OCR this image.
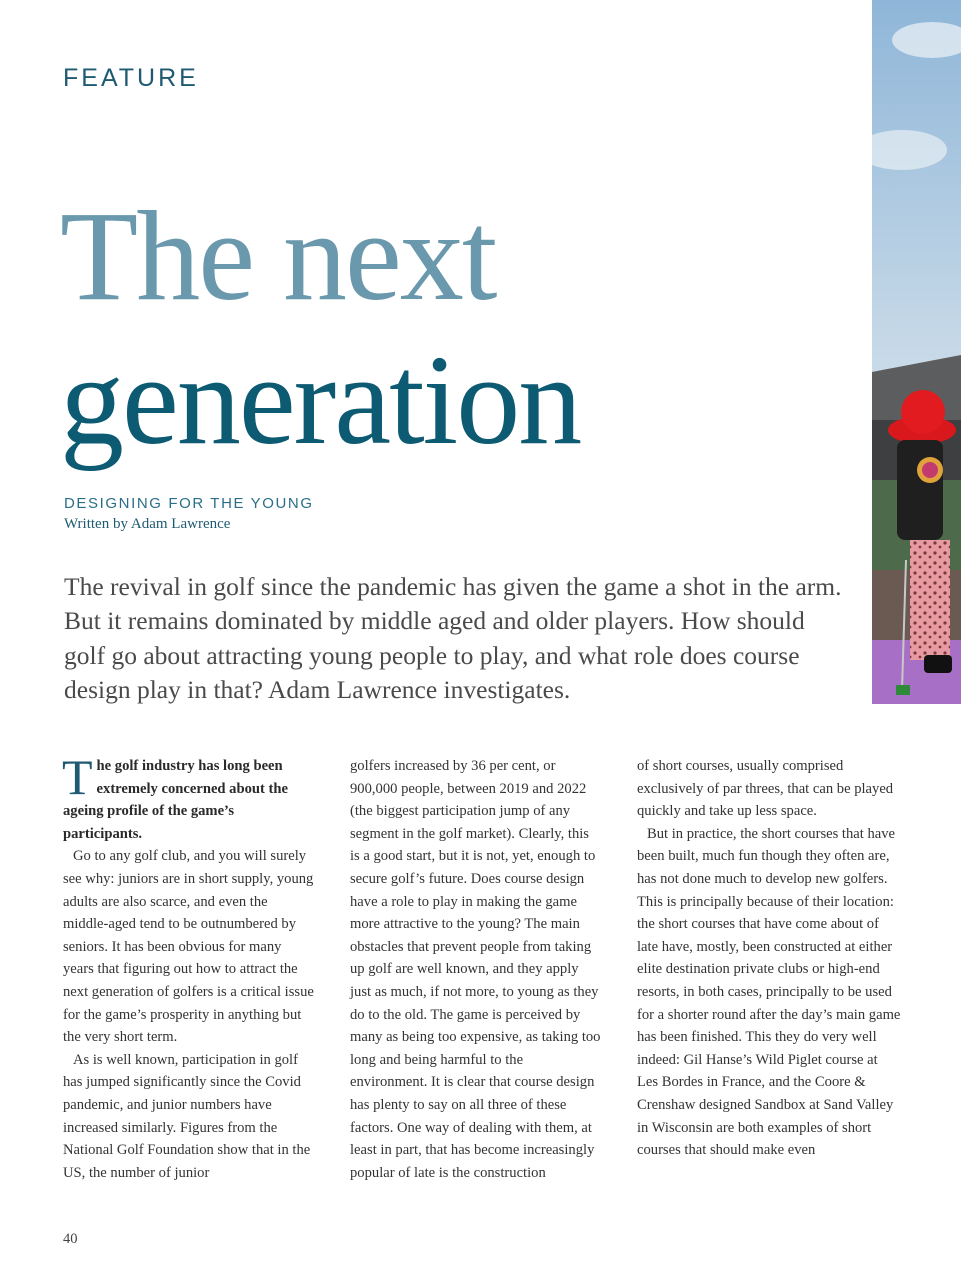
FEATURE
The next
generation
DESIGNING FOR THE YOUNG
Written by Adam Lawrence
The revival in golf since the pandemic has given the game a shot in the arm. But it remains dominated by middle aged and older players. How should golf go about attracting young people to play, and what role does course design play in that? Adam Lawrence investigates.

The golf industry has long been extremely concerned about the ageing profile of the game’s participants.

Go to any golf club, and you will surely see why: juniors are in short supply, young adults are also scarce, and even the middle-aged tend to be outnumbered by seniors. It has been obvious for many years that figuring out how to attract the next generation of golfers is a critical issue for the game’s prosperity in anything but the very short term.

As is well known, participation in golf has jumped significantly since the Covid pandemic, and junior numbers have increased similarly. Figures from the National Golf Foundation show that in the US, the number of junior

golfers increased by 36 per cent, or 900,000 people, between 2019 and 2022 (the biggest participation jump of any segment in the golf market). Clearly, this is a good start, but it is not, yet, enough to secure golf’s future. Does course design have a role to play in making the game more attractive to the young? The main obstacles that prevent people from taking up golf are well known, and they apply just as much, if not more, to young as they do to the old. The game is perceived by many as being too expensive, as taking too long and being harmful to the environment. It is clear that course design has plenty to say on all three of these factors. One way of dealing with them, at least in part, that has become increasingly popular of late is the construction

of short courses, usually comprised exclusively of par threes, that can be played quickly and take up less space.

But in practice, the short courses that have been built, much fun though they often are, has not done much to develop new golfers. This is principally because of their location: the short courses that have come about of late have, mostly, been constructed at either elite destination private clubs or high-end resorts, in both cases, principally to be used for a shorter round after the day’s main game has been finished. This they do very well indeed: Gil Hanse’s Wild Piglet course at Les Bordes in France, and the Coore & Crenshaw designed Sandbox at Sand Valley in Wisconsin are both examples of short courses that should make even

40
